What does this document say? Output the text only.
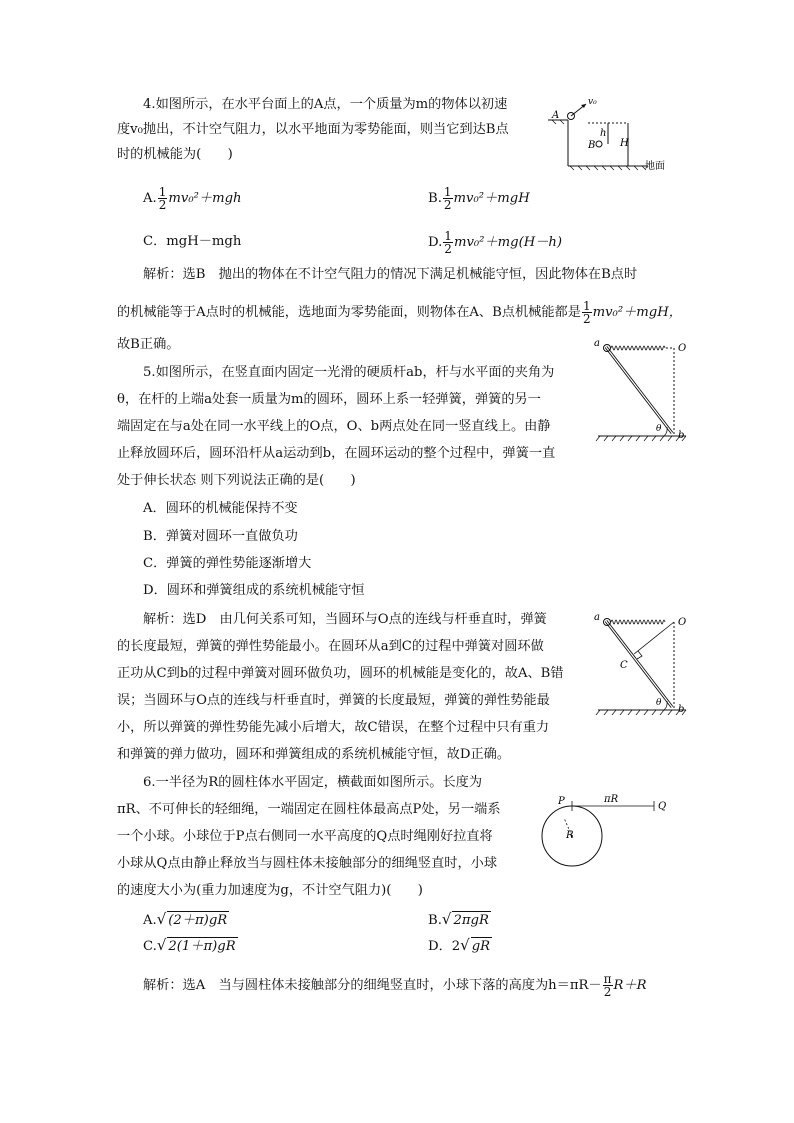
4.如图所示，在水平台面上的A点，一个质量为m的物体以初速
度v₀抛出，不计空气阻力，以水平地面为零势能面，则当它到达B点
时的机械能为(　　)
A. $\frac{1}{2} mv_0^2+mgh$	B. $\frac{1}{2} mv_0^2+mgH$
C．mgH－mgh	D. $\frac{1}{2} mv_0^2+mg(H-h)$
解析：选B　抛出的物体在不计空气阻力的情况下满足机械能守恒，因此物体在B点时
的机械能等于A点时的机械能，选地面为零势能面，则物体在A、B点机械能都是 $\frac{1}{2} mv_0^2+mgH$，
故B正确。
A
v₀
B
h
H
地面
5.如图所示，在竖直面内固定一光滑的硬质杆ab，杆与水平面的夹角为
θ，在杆的上端a处套一质量为m的圆环，圆环上系一轻弹簧，弹簧的另一
端固定在与a处在同一水平线上的O点，O、b两点处在同一竖直线上。由静
止释放圆环后，圆环沿杆从a运动到b，在圆环运动的整个过程中，弹簧一直
处于伸长状态 则下列说法正确的是(　　)
A．圆环的机械能保持不变
B．弹簧对圆环一直做负功
C．弹簧的弹性势能逐渐增大
D．圆环和弹簧组成的系统机械能守恒
解析：选D　由几何关系可知，当圆环与O点的连线与杆垂直时，弹簧
的长度最短，弹簧的弹性势能最小。在圆环从a到C的过程中弹簧对圆环做
正功从C到b的过程中弹簧对圆环做负功，圆环的机械能是变化的，故A、B错
误；当圆环与O点的连线与杆垂直时，弹簧的长度最短，弹簧的弹性势能最
小，所以弹簧的弹性势能先减小后增大，故C错误，在整个过程中只有重力
和弹簧的弹力做功，圆环和弹簧组成的系统机械能守恒，故D正确。
a	O
b
θ
a	O
C
b
θ
6.一半径为R的圆柱体水平固定，横截面如图所示。长度为
πR、不可伸长的轻细绳，一端固定在圆柱体最高点P处，另一端系
一个小球。小球位于P点右侧同一水平高度的Q点时绳刚好拉直将
小球从Q点由静止释放当与圆柱体未接触部分的细绳竖直时，小球
的速度大小为(重力加速度为g，不计空气阻力)(　　)
A.√ (2＋π)gR	B.√ 2πgR
C.√ 2(1＋π)gR	D．2√ gR
解析：选A　当与圆柱体未接触部分的细绳竖直时，小球下落的高度为$h=\pi R- \frac{\pi}{2} R+R$
P	Q
πR
R
